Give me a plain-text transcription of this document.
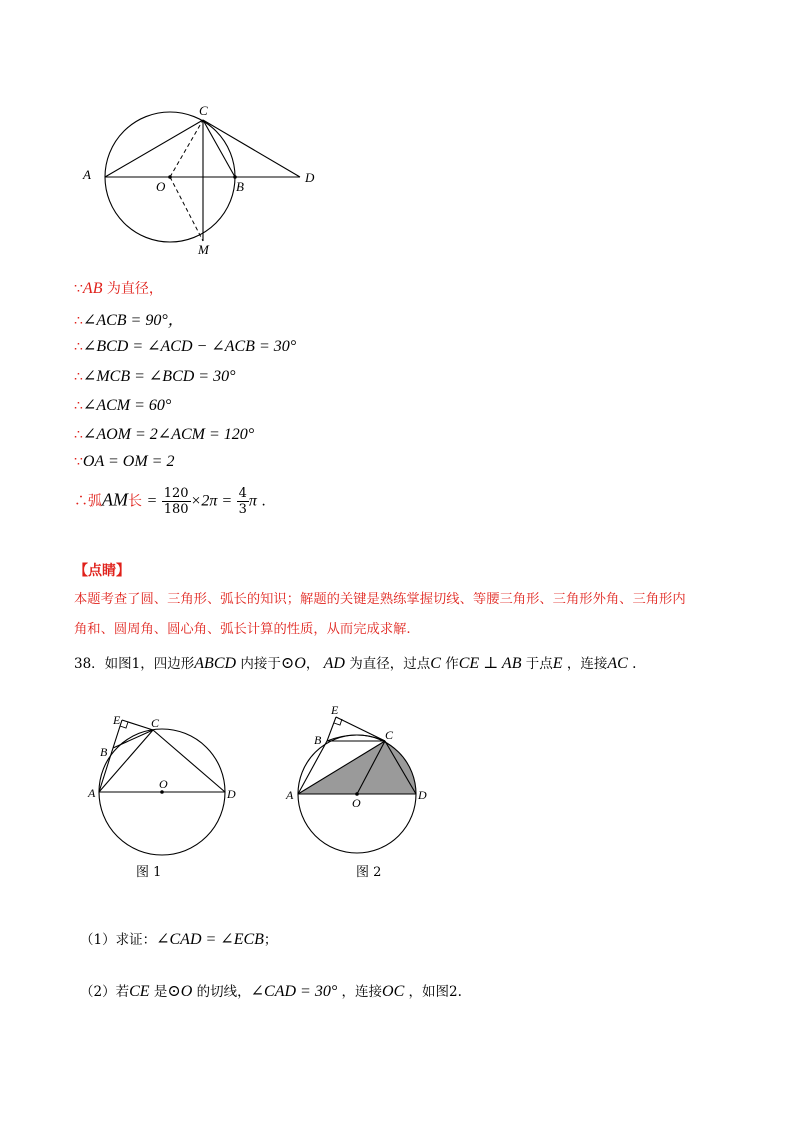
A
C
O	B
D
M
∵AB 为直径，
∴∠ACB = 90°，
∴∠BCD = ∠ACD − ∠ACB = 30°
∴∠MCB = ∠BCD = 30°
∴∠ACM = 60°
∴∠AOM = 2∠ACM = 120°
∵OA = OM = 2
∴弧AM长 = $\frac{120}{180} \times 2\pi = \frac{4}{3}$ π .
【点睛】
本题考查了圆、三角形、弧长的知识；解题的关键是熟练掌握切线、等腰三角形、三角形外角、三角形内
角和、圆周角、圆心角、弧长计算的性质，从而完成求解.
38．如图1，四边形ABCD 内接于⊙O， AD 为直径，过点C 作CE ⊥ AB 于点E ，连接AC .
E	C
B
A
O
D
图 1
E
C
B
A
O
D
图 2
（1）求证：∠CAD = ∠ECB；
（2）若CE 是⊙O 的切线，∠CAD = 30° ，连接OC ，如图2.
